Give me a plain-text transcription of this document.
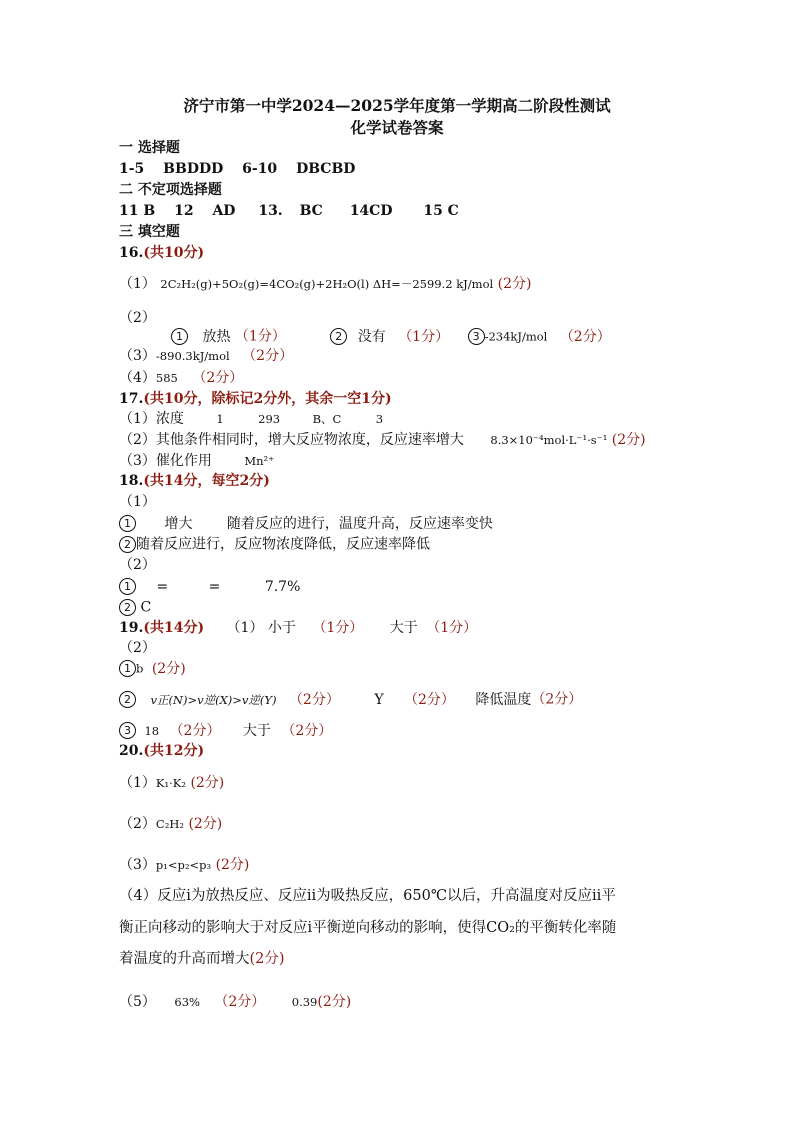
济宁市第一中学2024—2025学年度第一学期高二阶段性测试
化学试卷答案
一 选择题
1-5 BBDDD 6-10 DBCBD
二 不定项选择题
11 B 12 AD 13. BC 14CD 15 C
三 填空题
16.(共10分)
（1） 2C₂H₂(g)+5O₂(g)=4CO₂(g)+2H₂O(l) ΔH=－2599.2 kJ/mol (2分)
（2）
1 放热 （1分）	2 没有 （1分） 3 -234kJ/mol （2分）
（3）-890.3kJ/mol （2分）
（4）585 （2分）
17.(共10分，除标记2分外，其余一空1分)
（1）浓度	1	293	B、C	3
（2）其他条件相同时，增大反应物浓度，反应速率增大 8.3×10⁻⁴mol·L⁻¹·s⁻¹ (2分)
（3）催化作用	Mn²⁺
18.(共14分，每空2分)
（1）
1 增大 随着反应的进行，温度升高，反应速率变快
2 随着反应进行，反应物浓度降低，反应速率降低
（2）
1 =	=	7.7%
2 C
19.(共14分) （1） 小于 （1分） 大于 （1分）
（2）
1 b (2分)
2 v正(N)>v逆(X)>v逆(Y) （2分） Y （2分） 降低温度（2分）
3 18 （2分） 大于 （2分）
20.(共12分)
（1）K₁·K₂ (2分)
（2）C₂H₂ (2分)
（3）p₁<p₂<p₃ (2分)
（4）反应ⅰ为放热反应、反应ⅱ为吸热反应，650℃以后，升高温度对反应ⅱ平
衡正向移动的影响大于对反应ⅰ平衡逆向移动的影响，使得CO₂的平衡转化率随
着温度的升高而增大(2分)
（5） 63% （2分） 0.39(2分)
